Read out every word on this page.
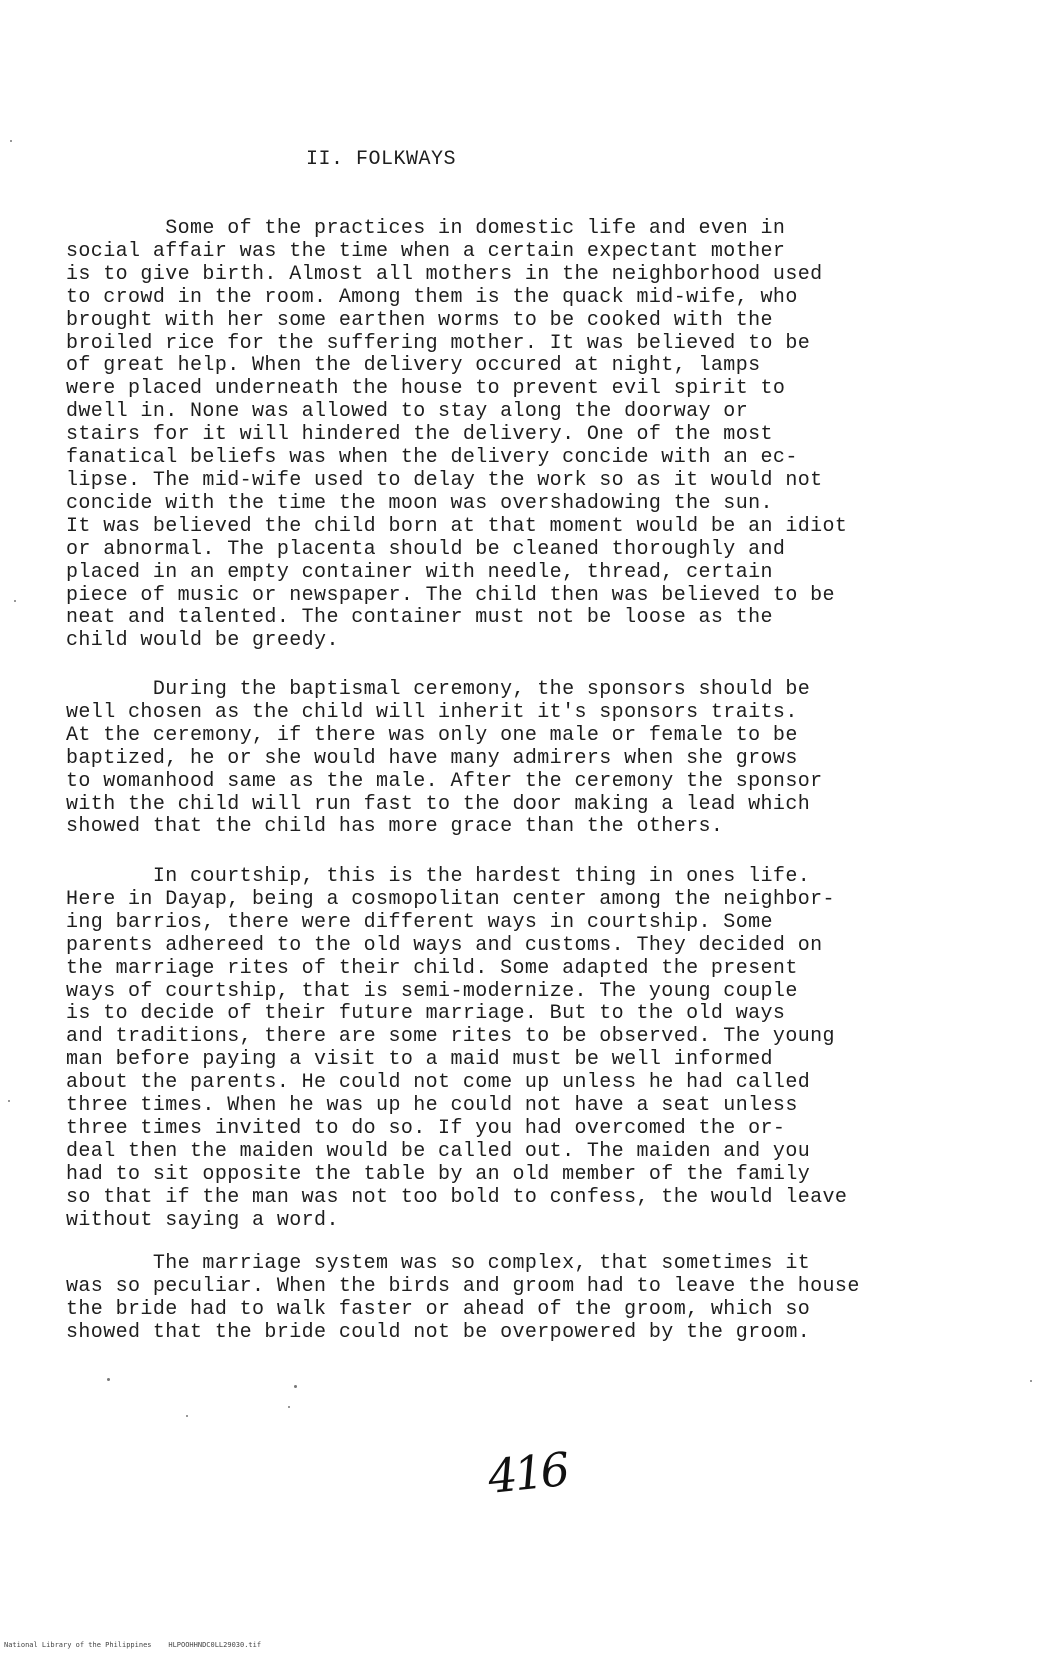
II. FOLKWAYS
Some of the practices in domestic life and even in
social affair was the time when a certain expectant mother
is to give birth. Almost all mothers in the neighborhood used
to crowd in the room. Among them is the quack mid-wife, who
brought with her some earthen worms to be cooked with the
broiled rice for the suffering mother. It was believed to be
of great help. When the delivery occured at night, lamps
were placed underneath the house to prevent evil spirit to
dwell in. None was allowed to stay along the doorway or
stairs for it will hindered the delivery. One of the most
fanatical beliefs was when the delivery concide with an ec-
lipse. The mid-wife used to delay the work so as it would not
concide with the time the moon was overshadowing the sun.
It was believed the child born at that moment would be an idiot
or abnormal. The placenta should be cleaned thoroughly and
placed in an empty container with needle, thread, certain
piece of music or newspaper. The child then was believed to be
neat and talented. The container must not be loose as the
child would be greedy.
During the baptismal ceremony, the sponsors should be
well chosen as the child will inherit it's sponsors traits.
At the ceremony, if there was only one male or female to be
baptized, he or she would have many admirers when she grows
to womanhood same as the male. After the ceremony the sponsor
with the child will run fast to the door making a lead which
showed that the child has more grace than the others.
In courtship, this is the hardest thing in ones life.
Here in Dayap, being a cosmopolitan center among the neighbor-
ing barrios, there were different ways in courtship. Some
parents adhereed to the old ways and customs. They decided on
the marriage rites of their child. Some adapted the present
ways of courtship, that is semi-modernize. The young couple
is to decide of their future marriage. But to the old ways
and traditions, there are some rites to be observed. The young
man before paying a visit to a maid must be well informed
about the parents. He could not come up unless he had called
three times. When he was up he could not have a seat unless
three times invited to do so. If you had overcomed the or-
deal then the maiden would be called out. The maiden and you
had to sit opposite the table by an old member of the family
so that if the man was not too bold to confess, the would leave
without saying a word.
The marriage system was so complex, that sometimes it
was so peculiar. When the birds and groom had to leave the house
the bride had to walk faster or ahead of the groom, which so
showed that the bride could not be overpowered by the groom.
416
National Library of the Philippines    HLPOOHHNDC0LL29030.tif
